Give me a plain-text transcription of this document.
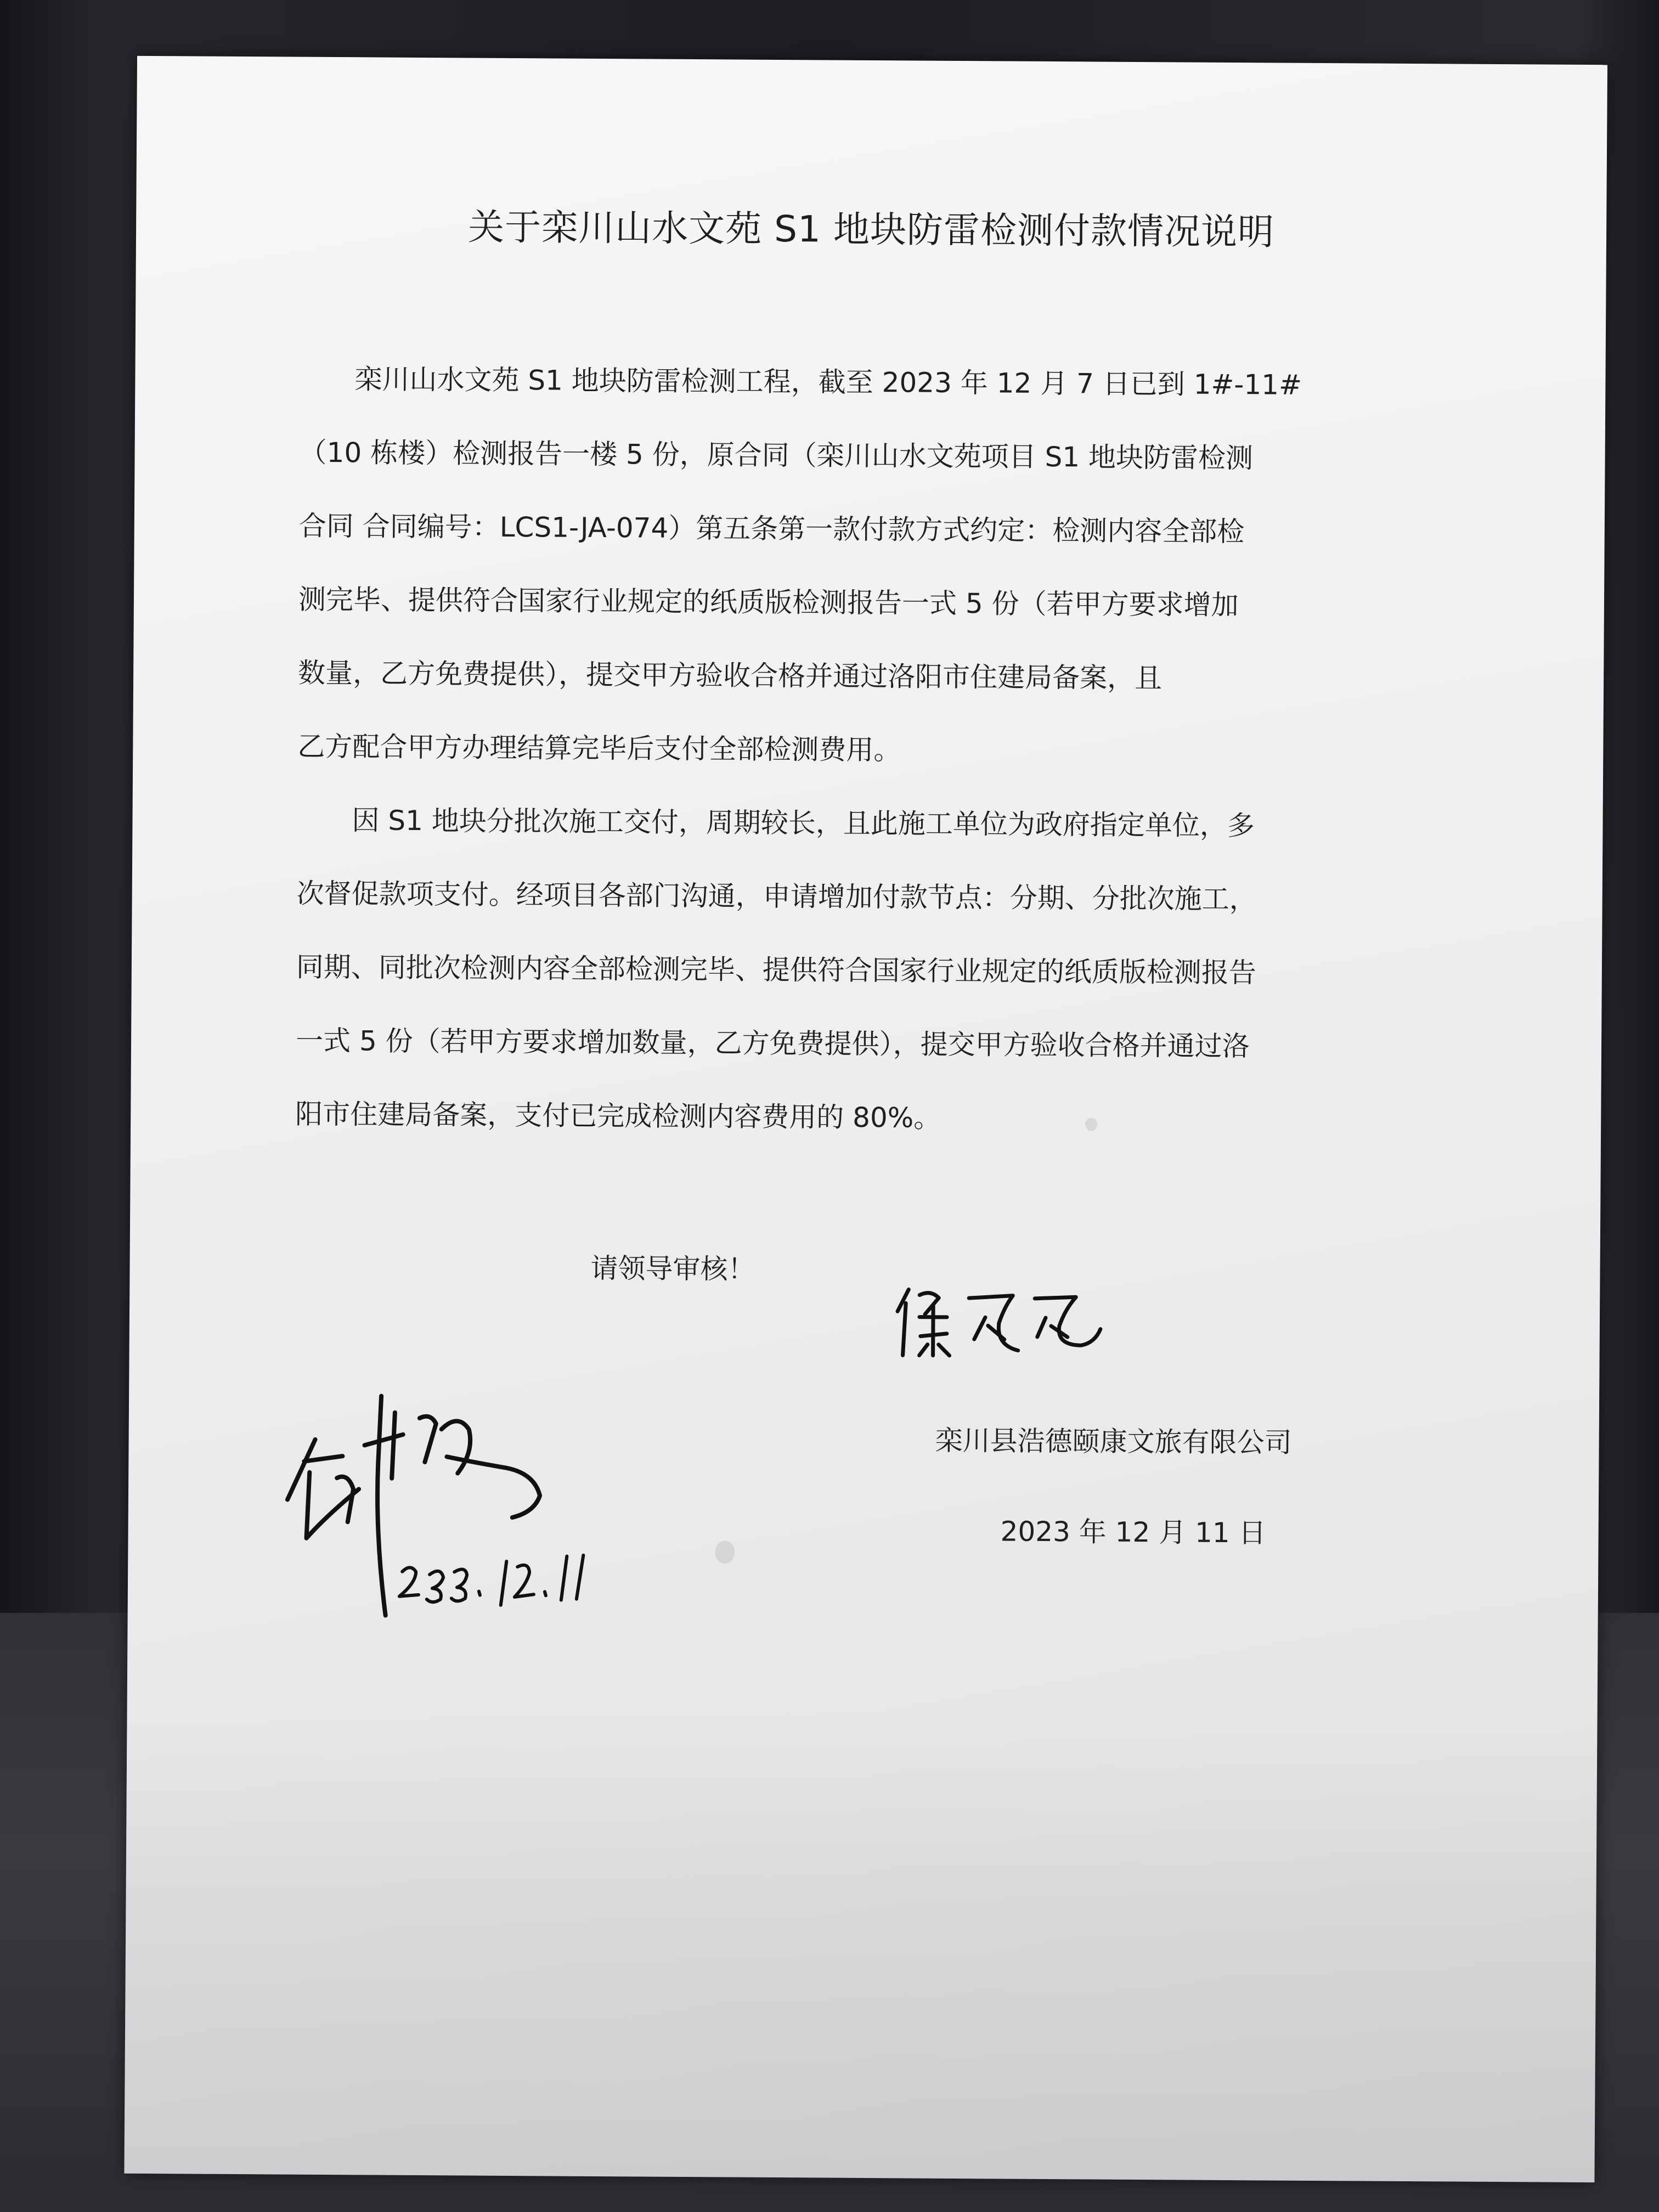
关于栾川山水文苑 S1 地块防雷检测付款情况说明
　　栾川山水文苑 S1 地块防雷检测工程，截至 2023 年 12 月 7 日已到 1#-11#
（10 栋楼）检测报告一楼 5 份，原合同（栾川山水文苑项目 S1 地块防雷检测
合同 合同编号：LCS1-JA-074）第五条第一款付款方式约定：检测内容全部检
测完毕、提供符合国家行业规定的纸质版检测报告一式 5 份（若甲方要求增加
数量，乙方免费提供），提交甲方验收合格并通过洛阳市住建局备案，且
乙方配合甲方办理结算完毕后支付全部检测费用。
　　因 S1 地块分批次施工交付，周期较长，且此施工单位为政府指定单位，多
次督促款项支付。经项目各部门沟通，申请增加付款节点：分期、分批次施工，
同期、同批次检测内容全部检测完毕、提供符合国家行业规定的纸质版检测报告
一式 5 份（若甲方要求增加数量，乙方免费提供），提交甲方验收合格并通过洛
阳市住建局备案，支付已完成检测内容费用的 80%。
请领导审核！
栾川县浩德颐康文旅有限公司
2023 年 12 月 11 日
